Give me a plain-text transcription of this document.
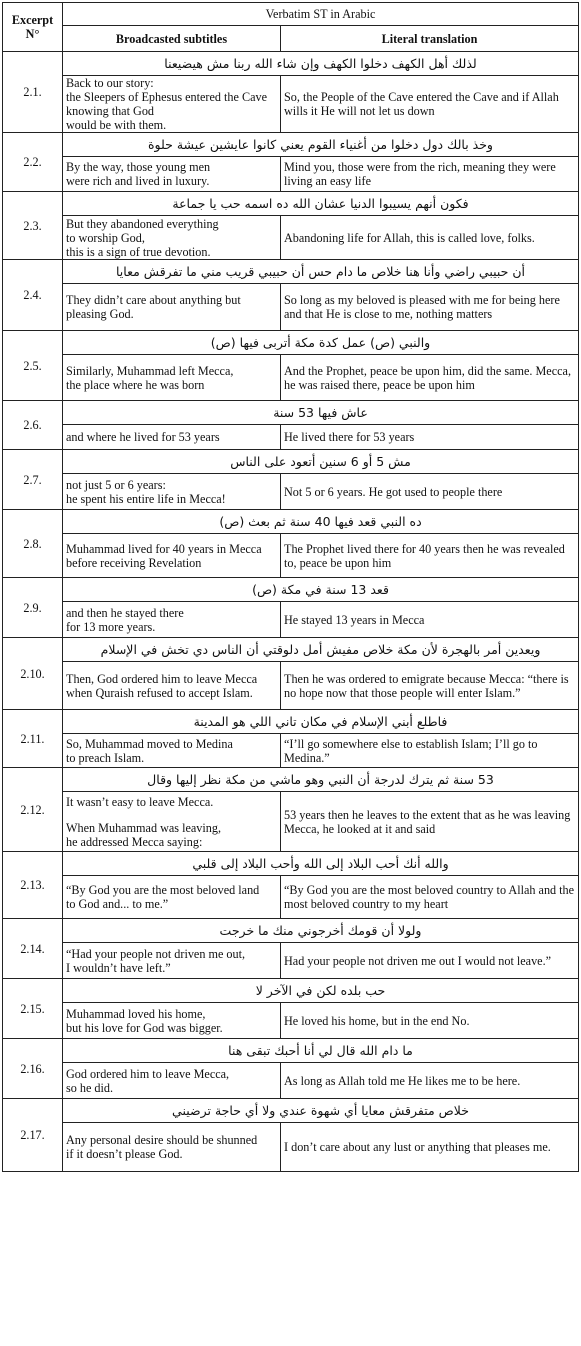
Excerpt
N°	Verbatim ST in Arabic	
	Broadcasted subtitles	Literal translation
2.1.	لذلك أهل الكهف دخلوا الكهف وإن شاء الله ربنا مش هيضيعنا	

	Back to our story:
the Sleepers of Ephesus entered the Cave
knowing that God
would be with them.	So, the People of the Cave entered the Cave and if Allah wills it He will not let us down
2.2.	وخذ بالك دول دخلوا من أغنياء القوم يعني كانوا عايشين عيشة حلوة	

	By the way, those young men
were rich and lived in luxury.	Mind you, those were from the rich, meaning they were living an easy life
2.3.	فكون أنهم يسيبوا الدنيا عشان الله ده اسمه حب يا جماعة	

	But they abandoned everything
to worship God,
this is a sign of true devotion.	Abandoning life for Allah, this is called love, folks.
2.4.	أن حبيبي راضي وأنا هنا خلاص ما دام حس أن حبيبي قريب مني ما تفرقش معايا	

	They didn’t care about anything but pleasing God.	So long as my beloved is pleased with me for being here and that He is close to me, nothing matters
2.5.	والنبي (ص) عمل كدة مكة أتربى فيها (ص)	

	Similarly, Muhammad left Mecca,
the place where he was born	And the Prophet, peace be upon him, did the same. Mecca, he was raised there, peace be upon him
2.6.	عاش فيها 53 سنة	

	and where he lived for 53 years	He lived there for 53 years
2.7.	مش 5 أو 6 سنين أتعود على الناس	

	not just 5 or 6 years:
he spent his entire life in Mecca!	Not 5 or 6 years. He got used to people there
2.8.	ده النبي قعد فيها 40 سنة ثم بعث (ص)	

	Muhammad lived for 40 years in Mecca
before receiving Revelation	The Prophet lived there for 40 years then he was revealed to, peace be upon him
2.9.	قعد 13 سنة في مكة (ص)	

	and then he stayed there
for 13 more years.	He stayed 13 years in Mecca
2.10.	ويعدين أمر بالهجرة لأن مكة خلاص مفيش أمل دلوقتي أن الناس دي تخش في الإسلام	

	Then, God ordered him to leave Mecca
when Quraish refused to accept Islam.	Then he was ordered to emigrate because Mecca: “there is no hope now that those people will enter Islam.”
2.11.	فاطلع أبني الإسلام في مكان تاني اللي هو المدينة	

	So, Muhammad moved to Medina
to preach Islam.	“I’ll go somewhere else to establish Islam; I’ll go to Medina.”
2.12.	53 سنة ثم يترك لدرجة أن النبي وهو ماشي من مكة نظر إليها وقال	

	It wasn’t easy to leave Mecca.
When Muhammad was leaving,
he addressed Mecca saying:	53 years then he leaves to the extent that as he was leaving Mecca, he looked at it and said
2.13.	والله أنك أحب البلاد إلى الله وأحب البلاد إلى قلبي	

	“By God you are the most beloved land
to God and... to me.”	“By God you are the most beloved country to Allah and the most beloved country to my heart
2.14.	ولولا أن قومك أخرجوني منك ما خرجت	

	“Had your people not driven me out,
I wouldn’t have left.”	Had your people not driven me out I would not leave.”
2.15.	حب بلده لكن في الآخر لا	

	Muhammad loved his home,
but his love for God was bigger.	He loved his home, but in the end No.
2.16.	ما دام الله قال لي أنا أحبك تبقى هنا	

	God ordered him to leave Mecca,
so he did.	As long as Allah told me He likes me to be here.
2.17.	خلاص متفرقش معايا أي شهوة عندي ولا أي حاجة ترضيني	

	Any personal desire should be shunned
if it doesn’t please God.	I don’t care about any lust or anything that pleases me.
